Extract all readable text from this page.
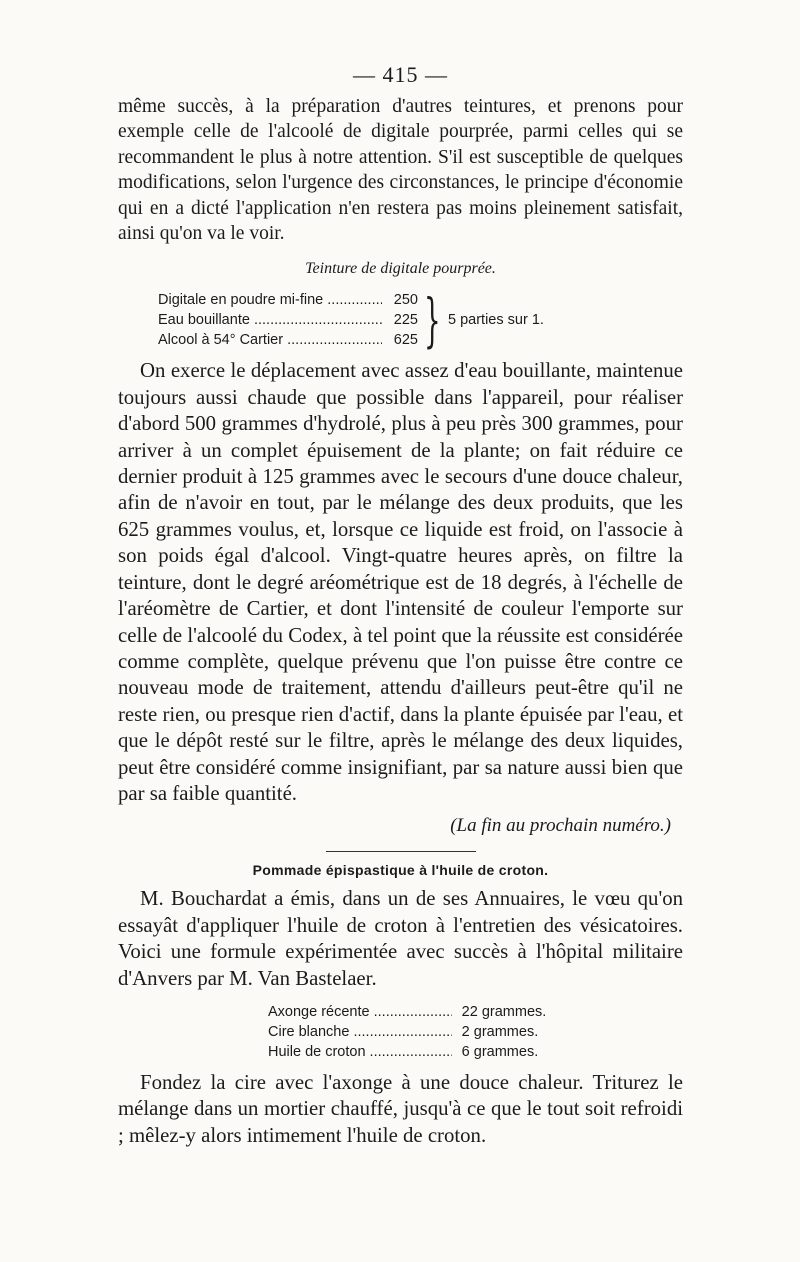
— 415 —

même succès, à la préparation d'autres teintures, et prenons pour exemple celle de l'alcoolé de digitale pourprée, parmi celles qui se recommandent le plus à notre attention. S'il est susceptible de quelques modifications, selon l'urgence des circonstances, le principe d'économie qui en a dicté l'application n'en restera pas moins pleinement satisfait, ainsi qu'on va le voir.

Teinture de digitale pourprée.
Digitale en poudre mi-fine .....	250
Eau bouillante .....	225
Alcool à 54° Cartier .....	625 } 5 parties sur 1.

On exerce le déplacement avec assez d'eau bouillante, maintenue toujours aussi chaude que possible dans l'appareil, pour réaliser d'abord 500 grammes d'hydrolé, plus à peu près 300 grammes, pour arriver à un complet épuisement de la plante; on fait réduire ce dernier produit à 125 grammes avec le secours d'une douce chaleur, afin de n'avoir en tout, par le mélange des deux produits, que les 625 grammes voulus, et, lorsque ce liquide est froid, on l'associe à son poids égal d'alcool. Vingt-quatre heures après, on filtre la teinture, dont le degré aréométrique est de 18 degrés, à l'échelle de l'aréomètre de Cartier, et dont l'intensité de couleur l'emporte sur celle de l'alcoolé du Codex, à tel point que la réussite est considérée comme complète, quelque prévenu que l'on puisse être contre ce nouveau mode de traitement, attendu d'ailleurs peut-être qu'il ne reste rien, ou presque rien d'actif, dans la plante épuisée par l'eau, et que le dépôt resté sur le filtre, après le mélange des deux liquides, peut être considéré comme insignifiant, par sa nature aussi bien que par sa faible quantité.

(La fin au prochain numéro.)
Pommade épispastique à l'huile de croton.

M. Bouchardat a émis, dans un de ses Annuaires, le vœu qu'on essayât d'appliquer l'huile de croton à l'entretien des vésicatoires. Voici une formule expérimentée avec succès à l'hôpital militaire d'Anvers par M. Van Bastelaer.

Axonge récente .....	22 grammes.
Cire blanche .....	2 grammes.
Huile de croton .....	6 grammes.

Fondez la cire avec l'axonge à une douce chaleur. Triturez le mélange dans un mortier chauffé, jusqu'à ce que le tout soit refroidi ; mêlez-y alors intimement l'huile de croton.
